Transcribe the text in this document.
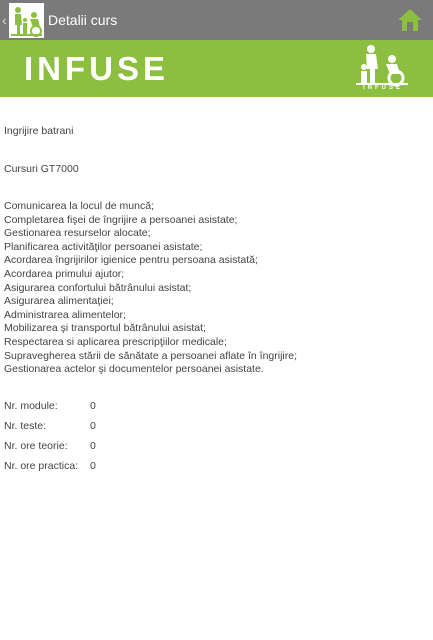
‹	Detalii curs
INFUSE
INFUSE
Ingrijire batrani
Cursuri GT7000
Comunicarea la locul de muncă;
Completarea fişei de îngrijire a persoanei asistate;
Gestionarea resurselor alocate;
Planificarea activităţilor persoanei asistate;
Acordarea îngrijirilor igienice pentru persoana asistată;
Acordarea primului ajutor;
Asigurarea confortului bătrânului asistat;
Asigurarea alimentaţiei;
Administrarea alimentelor;
Mobilizarea şi transportul bătrânului asistat;
Respectarea si aplicarea prescripţiilor medicale;
Supravegherea stării de sănătate a persoanei aflate în îngrijire;
Gestionarea actelor şi documentelor persoanei asistate.
Nr. module:	0
Nr. teste:	0
Nr. ore teorie: 0
Nr. ore practica: 0
